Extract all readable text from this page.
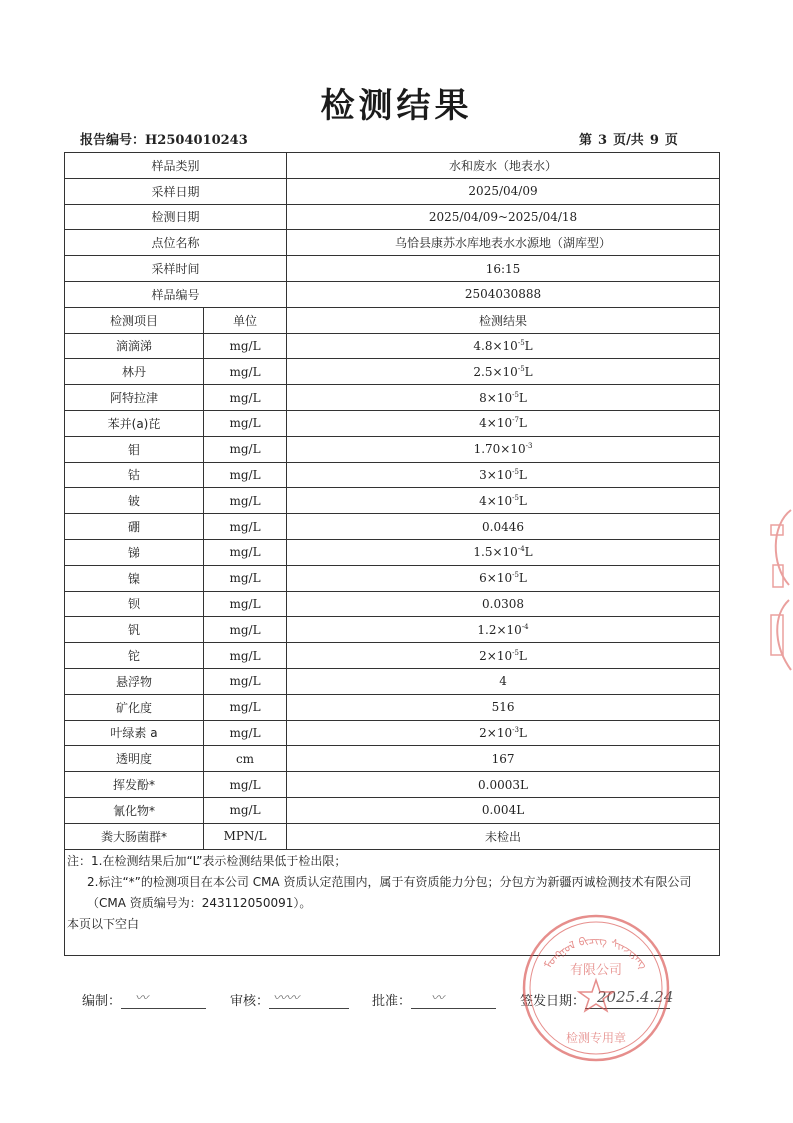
检测结果
报告编号：H2504010243	第 3 页/共 9 页
样品类别		水和废水（地表水）
采样日期		2025/04/09
检测日期		2025/04/09~2025/04/18
点位名称		乌恰县康苏水库地表水水源地（湖库型）
采样时间		16:15
样品编号		2504030888
检测项目	单位	检测结果
滴滴涕	mg/L	$4.8\times 10^{-5}L$
林丹	mg/L	$2.5\times 10^{-5}L$
阿特拉津	mg/L	$8\times 10^{-5}L$
苯并(a)芘	mg/L	$4\times 10^{-7}L$
钼	mg/L	$1.70\times 10^{-3}$
钴	mg/L	$3\times 10^{-5}L$
铍	mg/L	$4\times 10^{-5}L$
硼	mg/L	0.0446
锑	mg/L	$1.5\times 10^{-4}L$
镍	mg/L	$6\times 10^{-5}L$
钡	mg/L	0.0308
钒	mg/L	$1.2\times 10^{-4}$
铊	mg/L	$2\times 10^{-5}L$
悬浮物	mg/L	4
矿化度	mg/L	516
叶绿素 a	mg/L	$2\times 10^{-3}L$
透明度	cm	167
挥发酚*	mg/L	0.0003L
氰化物*	mg/L	0.004L
粪大肠菌群*	MPN/L	未检出

注：1.在检测结果后加“L”表示检测结果低于检出限；
2.标注“*”的检测项目在本公司 CMA 资质认定范围内，属于有资质能力分包；分包方为新疆丙诚检测技术有限公司（CMA 资质编号为：243112050091）。
本页以下空白		
编制： 〰	审核： 〰〰	批准： 〰	签发日期： 2025.4.24
ᠮᠣᠩᠭᠣᠯ ᠪᠢᠴᠢᠭ ᠰᠢᠨᠵᠢᠶᠠᠩ
有限公司
检测专用章
